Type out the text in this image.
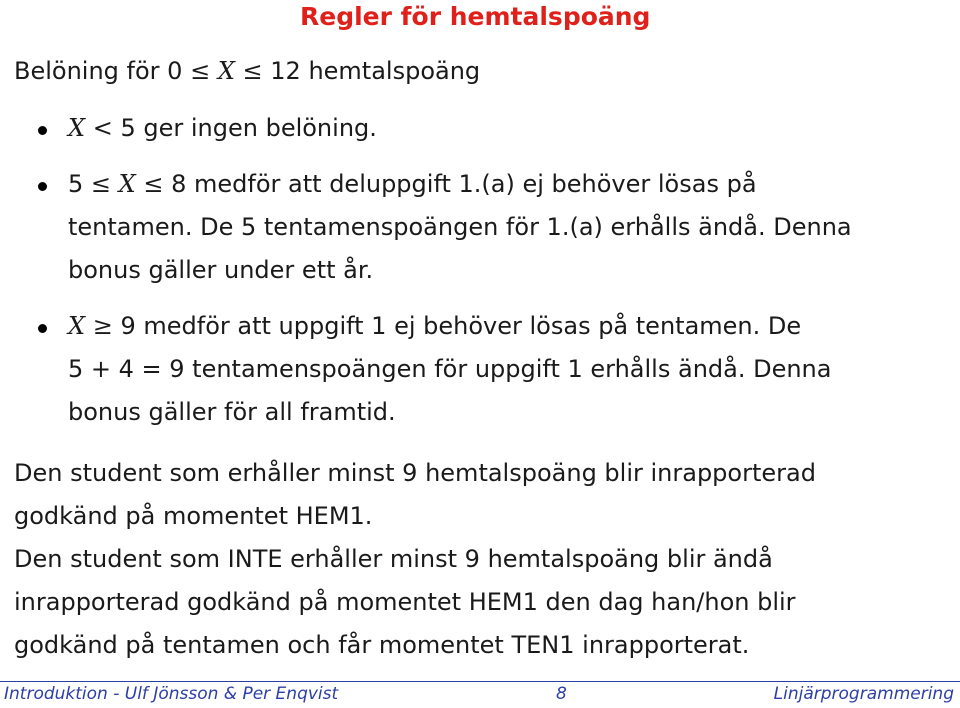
Regler för hemtalspoäng
Belöning för 0 ≤ X ≤ 12 hemtalspoäng
X < 5 ger ingen belöning.
5 ≤ X ≤ 8 medför att deluppgift 1.(a) ej behöver lösas på
tentamen. De 5 tentamenspoängen för 1.(a) erhålls ändå. Denna
bonus gäller under ett år.
X ≥ 9 medför att uppgift 1 ej behöver lösas på tentamen. De
5 + 4 = 9 tentamenspoängen för uppgift 1 erhålls ändå. Denna
bonus gäller för all framtid.
Den student som erhåller minst 9 hemtalspoäng blir inrapporterad
godkänd på momentet HEM1.
Den student som INTE erhåller minst 9 hemtalspoäng blir ändå
inrapporterad godkänd på momentet HEM1 den dag han/hon blir
godkänd på tentamen och får momentet TEN1 inrapporterat.
Introduktion - Ulf Jönsson & Per Enqvist	8	Linjärprogrammering
